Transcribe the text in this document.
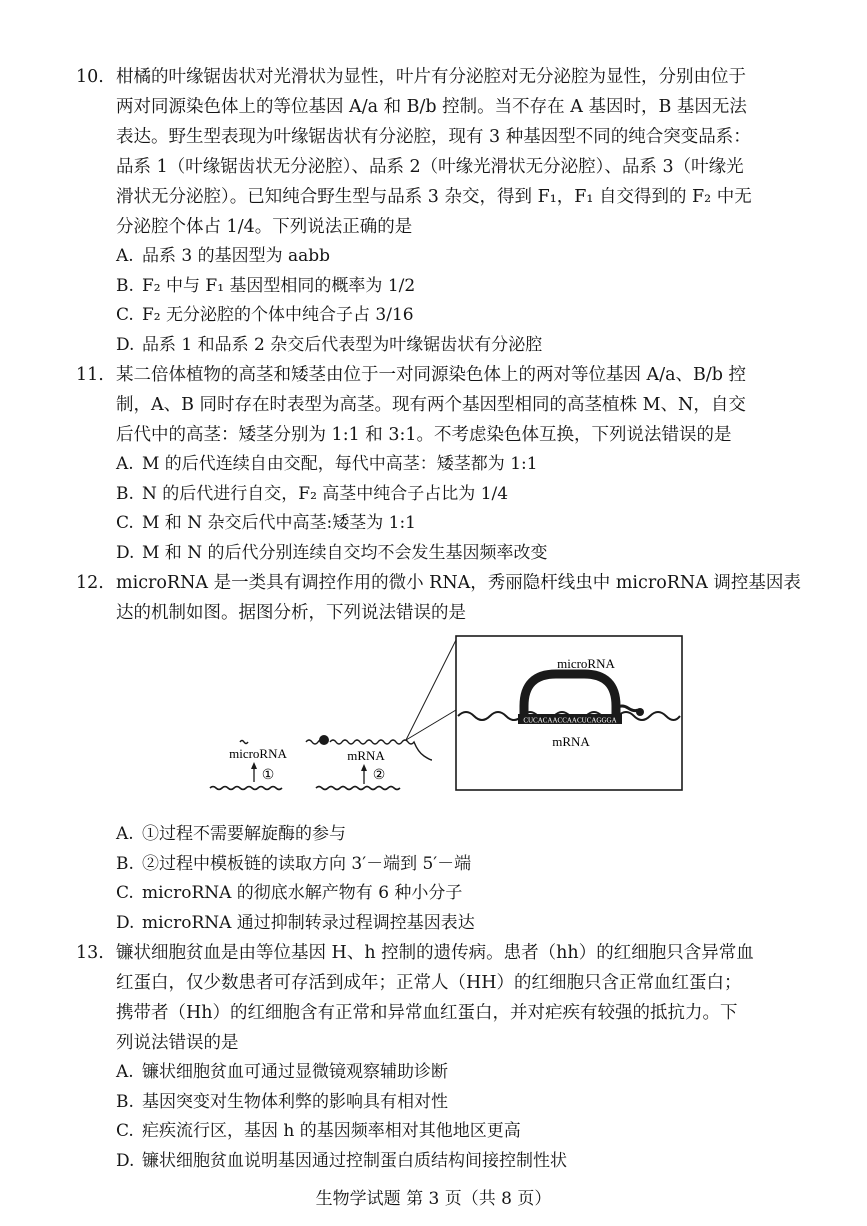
10. 柑橘的叶缘锯齿状对光滑状为显性，叶片有分泌腔对无分泌腔为显性，分别由位于
两对同源染色体上的等位基因 A/a 和 B/b 控制。当不存在 A 基因时，B 基因无法
表达。野生型表现为叶缘锯齿状有分泌腔，现有 3 种基因型不同的纯合突变品系：
品系 1（叶缘锯齿状无分泌腔）、品系 2（叶缘光滑状无分泌腔）、品系 3（叶缘光
滑状无分泌腔）。已知纯合野生型与品系 3 杂交，得到 F₁，F₁ 自交得到的 F₂ 中无
分泌腔个体占 1/4。下列说法正确的是
A. 品系 3 的基因型为 aabb
B. F₂ 中与 F₁ 基因型相同的概率为 1/2
C. F₂ 无分泌腔的个体中纯合子占 3/16
D. 品系 1 和品系 2 杂交后代表型为叶缘锯齿状有分泌腔
11. 某二倍体植物的高茎和矮茎由位于一对同源染色体上的两对等位基因 A/a、B/b 控
制，A、B 同时存在时表型为高茎。现有两个基因型相同的高茎植株 M、N，自交
后代中的高茎：矮茎分别为 1:1 和 3:1。不考虑染色体互换，下列说法错误的是
A. M 的后代连续自由交配，每代中高茎：矮茎都为 1:1
B. N 的后代进行自交，F₂ 高茎中纯合子占比为 1/4
C. M 和 N 杂交后代中高茎:矮茎为 1:1
D. M 和 N 的后代分别连续自交均不会发生基因频率改变
12. microRNA 是一类具有调控作用的微小 RNA，秀丽隐杆线虫中 microRNA 调控基因表
达的机制如图。据图分析，下列说法错误的是
microRNA
mRNA
CUCACAACCAACUCAGGGA
microRNA
①
mRNA
②
A. ①过程不需要解旋酶的参与
B. ②过程中模板链的读取方向 3′－端到 5′－端
C. microRNA 的彻底水解产物有 6 种小分子
D. microRNA 通过抑制转录过程调控基因表达
13. 镰状细胞贫血是由等位基因 H、h 控制的遗传病。患者（hh）的红细胞只含异常血
红蛋白，仅少数患者可存活到成年；正常人（HH）的红细胞只含正常血红蛋白；
携带者（Hh）的红细胞含有正常和异常血红蛋白，并对疟疾有较强的抵抗力。下
列说法错误的是
A. 镰状细胞贫血可通过显微镜观察辅助诊断
B. 基因突变对生物体利弊的影响具有相对性
C. 疟疾流行区，基因 h 的基因频率相对其他地区更高
D. 镰状细胞贫血说明基因通过控制蛋白质结构间接控制性状
生物学试题 第 3 页（共 8 页）
